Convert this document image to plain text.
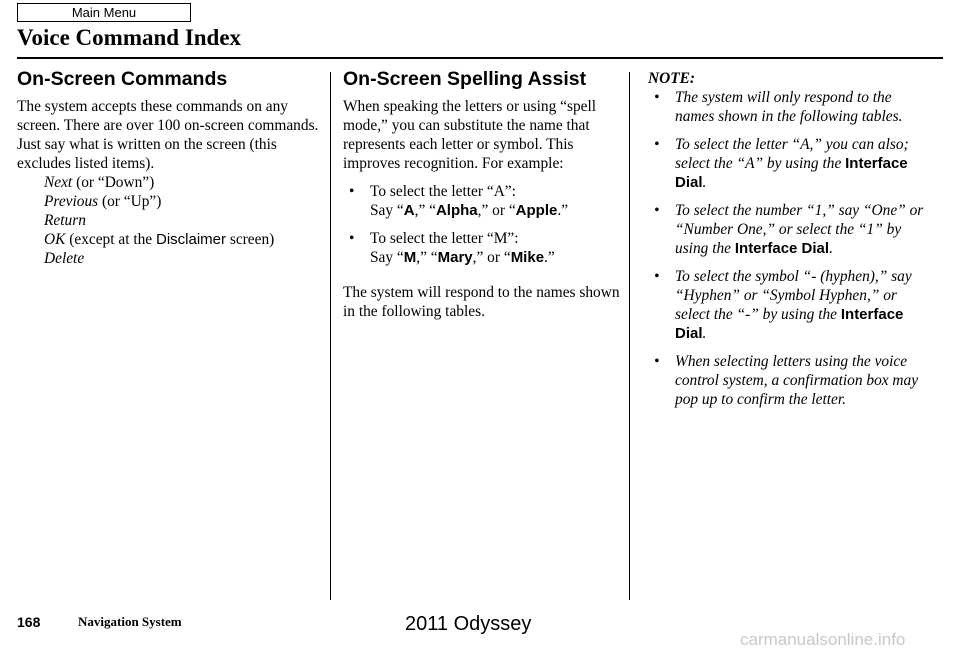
Main Menu
Voice Command Index
On-Screen Commands

The system accepts these commands on any screen. There are over 100 on-screen commands. Just say what is written on the screen (this excludes listed items).

Next (or “Down”)

Previous (or “Up”)

Return

OK (except at the Disclaimer screen)

Delete

On-Screen Spelling Assist

When speaking the letters or using “spell mode,” you can substitute the name that represents each letter or symbol. This improves recognition. For example:

• To select the letter “A”:

Say “A,” “Alpha,” or “Apple.”

• To select the letter “M”:

Say “M,” “Mary,” or “Mike.”

The system will respond to the names shown in the following tables.

NOTE:

• The system will only respond to the names shown in the following tables.
• To select the letter “A,” you can also; select the “A” by using the Interface Dial.
• To select the number “1,” say “One” or “Number One,” or select the “1” by using the Interface Dial.
• To select the symbol “- (hyphen),” say “Hyphen” or “Symbol Hyphen,” or select the “-” by using the Interface Dial.
• When selecting letters using the voice control system, a confirmation box may pop up to confirm the letter.
168	Navigation System	2011 Odyssey
carmanualsonline.info
